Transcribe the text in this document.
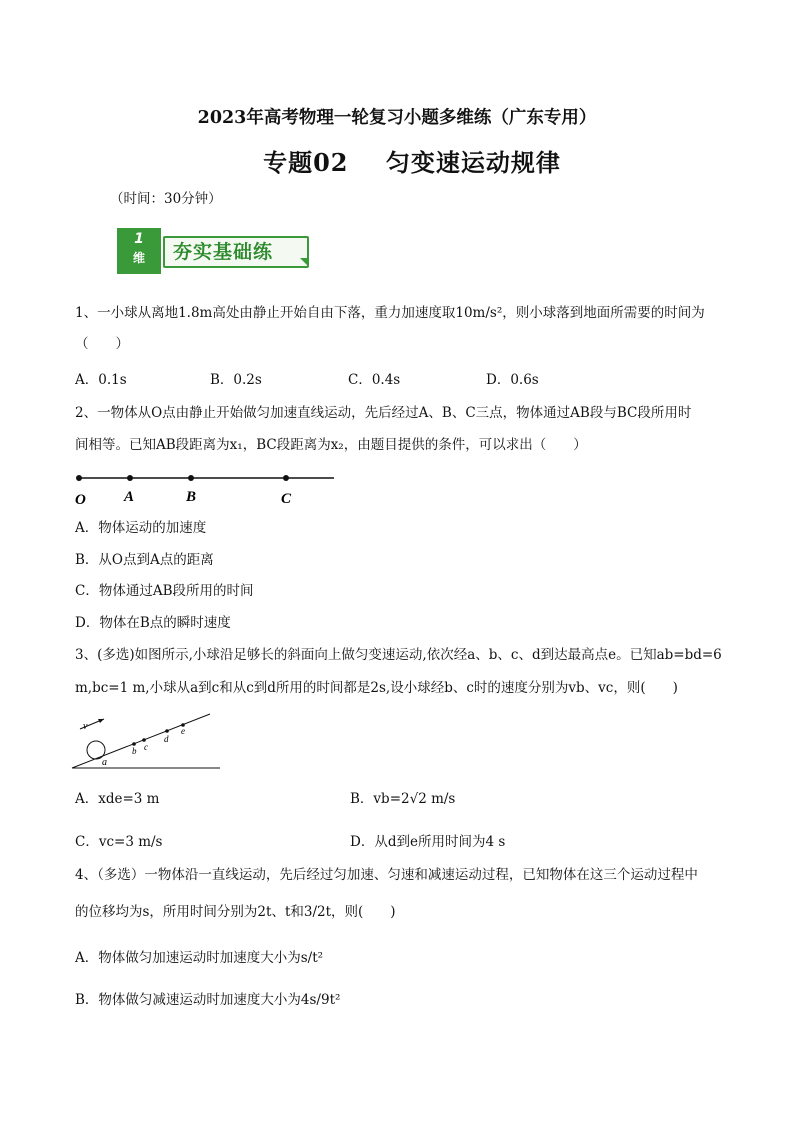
2023年高考物理一轮复习小题多维练（广东专用）
专题02    匀变速运动规律
（时间：30分钟）
1
维	夯实基础练
1、一小球从离地1.8m高处由静止开始自由下落，重力加速度取10m/s²，则小球落到地面所需要的时间为
（　　）
A．0.1s	B．0.2s	C．0.4s	D．0.6s
2、一物体从O点由静止开始做匀加速直线运动，先后经过A、B、C三点，物体通过AB段与BC段所用时
间相等。已知AB段距离为x₁，BC段距离为x₂，由题目提供的条件，可以求出（　　）
O	A	B	C
A．物体运动的加速度
B．从O点到A点的距离
C．物体通过AB段所用的时间
D．物体在B点的瞬时速度
3、(多选)如图所示,小球沿足够长的斜面向上做匀变速运动,依次经a、b、c、d到达最高点e。已知ab=bd=6
m,bc=1 m,小球从a到c和从c到d所用的时间都是2s,设小球经b、c时的速度分别为vb、vc，则(　　)
v
a
b c
d
e
A．xde=3 m	B．vb=2√2 m/s
C．vc=3 m/s	D．从d到e所用时间为4 s
4、（多选）一物体沿一直线运动，先后经过匀加速、匀速和减速运动过程，已知物体在这三个运动过程中
的位移均为s，所用时间分别为2t、t和3/2t，则(　　)
A．物体做匀加速运动时加速度大小为s/t²
B．物体做匀减速运动时加速度大小为4s/9t²
